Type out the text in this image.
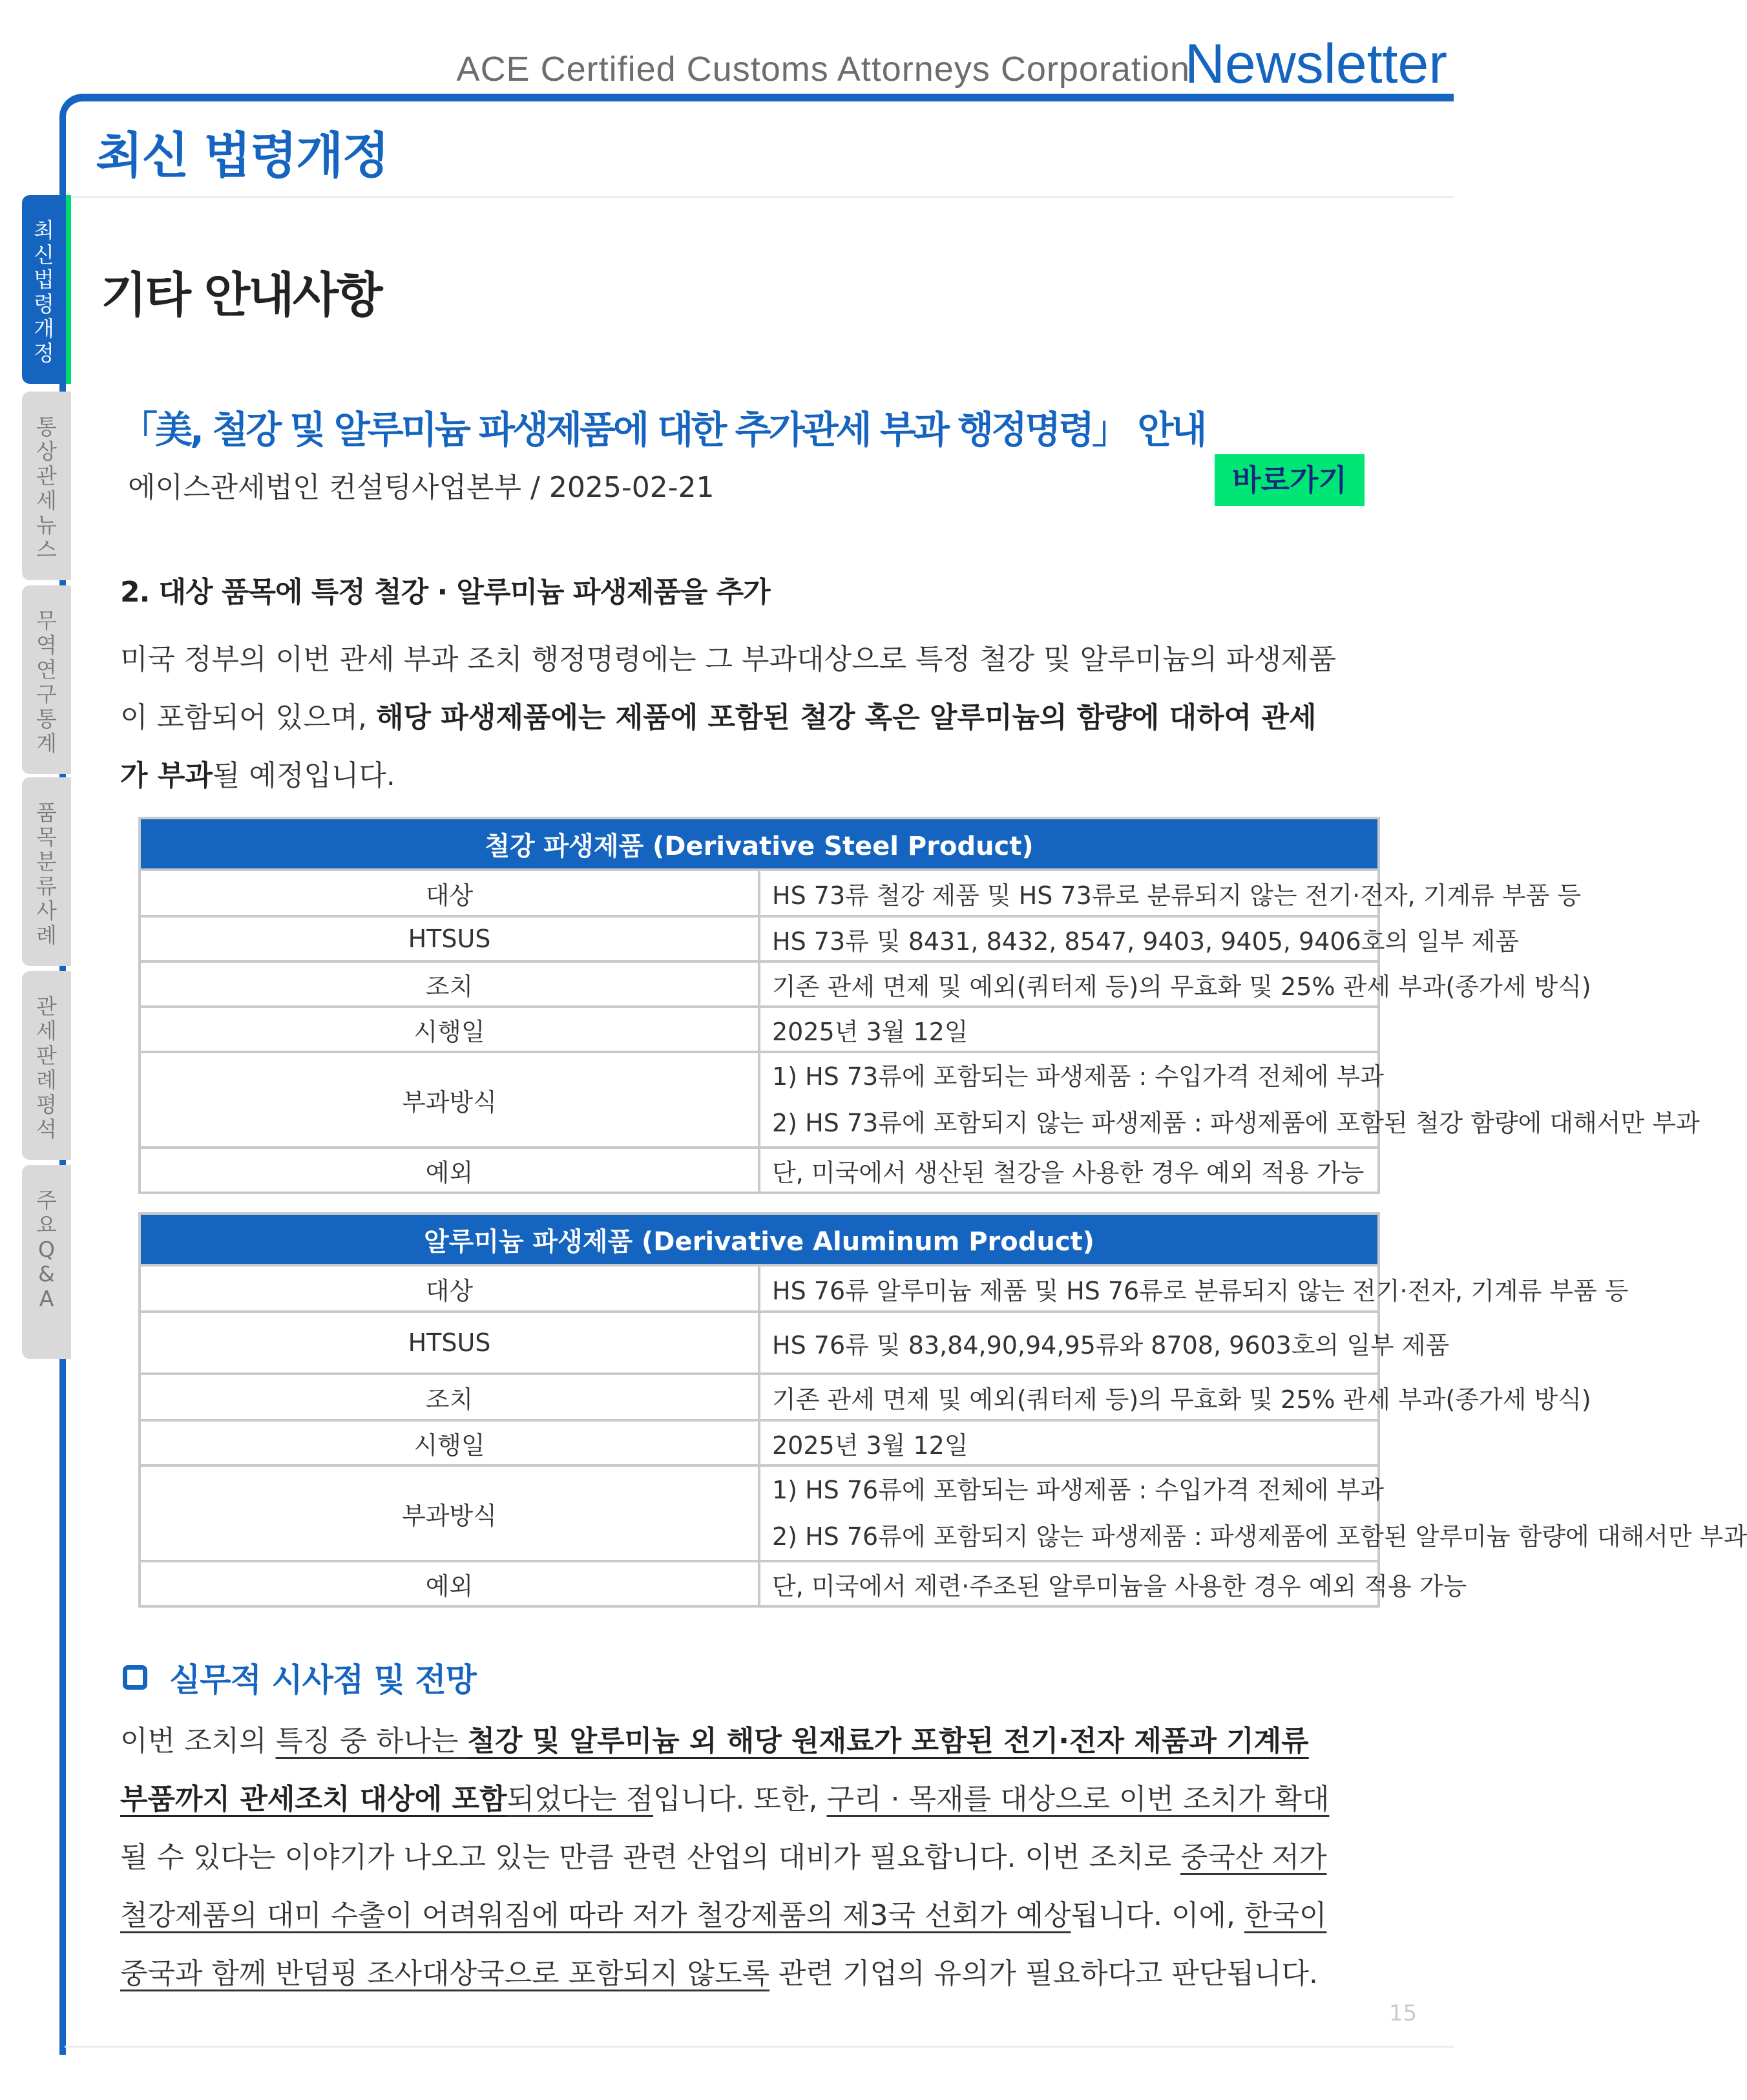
ACE Certified Customs Attorneys Corporation
Newsletter
최신 법령개정
최
신
법
령
개
정
통
상
관
세
뉴
스
무
역
연
구
통
계
품
목
분
류
사
례
관
세
판
례
평
석
주
요
Q
&
A
기타 안내사항
「美, 철강 및 알루미늄 파생제품에 대한 추가관세 부과 행정명령」 안내
에이스관세법인 컨설팅사업본부 / 2025-02-21	바로가기
2. 대상 품목에 특정 철강 · 알루미늄 파생제품을 추가
미국 정부의 이번 관세 부과 조치 행정명령에는 그 부과대상으로 특정 철강 및 알루미늄의 파생제품이 포함되어 있으며, 해당 파생제품에는 제품에 포함된 철강 혹은 알루미늄의 함량에 대하여 관세가 부과될 예정입니다.
철강 파생제품 (Derivative Steel Product)	
대상	HS 73류 철강 제품 및 HS 73류로 분류되지 않는 전기·전자, 기계류 부품 등
HTSUS	HS 73류 및 8431, 8432, 8547, 9403, 9405, 9406호의 일부 제품
조치	기존 관세 면제 및 예외(쿼터제 등)의 무효화 및 25% 관세 부과(종가세 방식)
시행일	2025년 3월 12일
부과방식	1) HS 73류에 포함되는 파생제품 : 수입가격 전체에 부과
2) HS 73류에 포함되지 않는 파생제품 : 파생제품에 포함된 철강 함량에 대해서만 부과

예외	단, 미국에서 생산된 철강을 사용한 경우 예외 적용 가능
알루미늄 파생제품 (Derivative Aluminum Product)	
대상	HS 76류 알루미늄 제품 및 HS 76류로 분류되지 않는 전기·전자, 기계류 부품 등
HTSUS	HS 76류 및 83,84,90,94,95류와 8708, 9603호의 일부 제품
조치	기존 관세 면제 및 예외(쿼터제 등)의 무효화 및 25% 관세 부과(종가세 방식)
시행일	2025년 3월 12일
부과방식	1) HS 76류에 포함되는 파생제품 : 수입가격 전체에 부과
2) HS 76류에 포함되지 않는 파생제품 : 파생제품에 포함된 알루미늄 함량에 대해서만 부과

예외	단, 미국에서 제련·주조된 알루미늄을 사용한 경우 예외 적용 가능
실무적 시사점 및 전망
이번 조치의 특징 중 하나는 철강 및 알루미늄 외 해당 원재료가 포함된 전기·전자 제품과 기계류 부품까지 관세조치 대상에 포함되었다는 점입니다. 또한, 구리 · 목재를 대상으로 이번 조치가 확대될 수 있다는 이야기가 나오고 있는 만큼 관련 산업의 대비가 필요합니다. 이번 조치로 중국산 저가 철강제품의 대미 수출이 어려워짐에 따라 저가 철강제품의 제3국 선회가 예상됩니다. 이에, 한국이 중국과 함께 반덤핑 조사대상국으로 포함되지 않도록 관련 기업의 유의가 필요하다고 판단됩니다.
15
